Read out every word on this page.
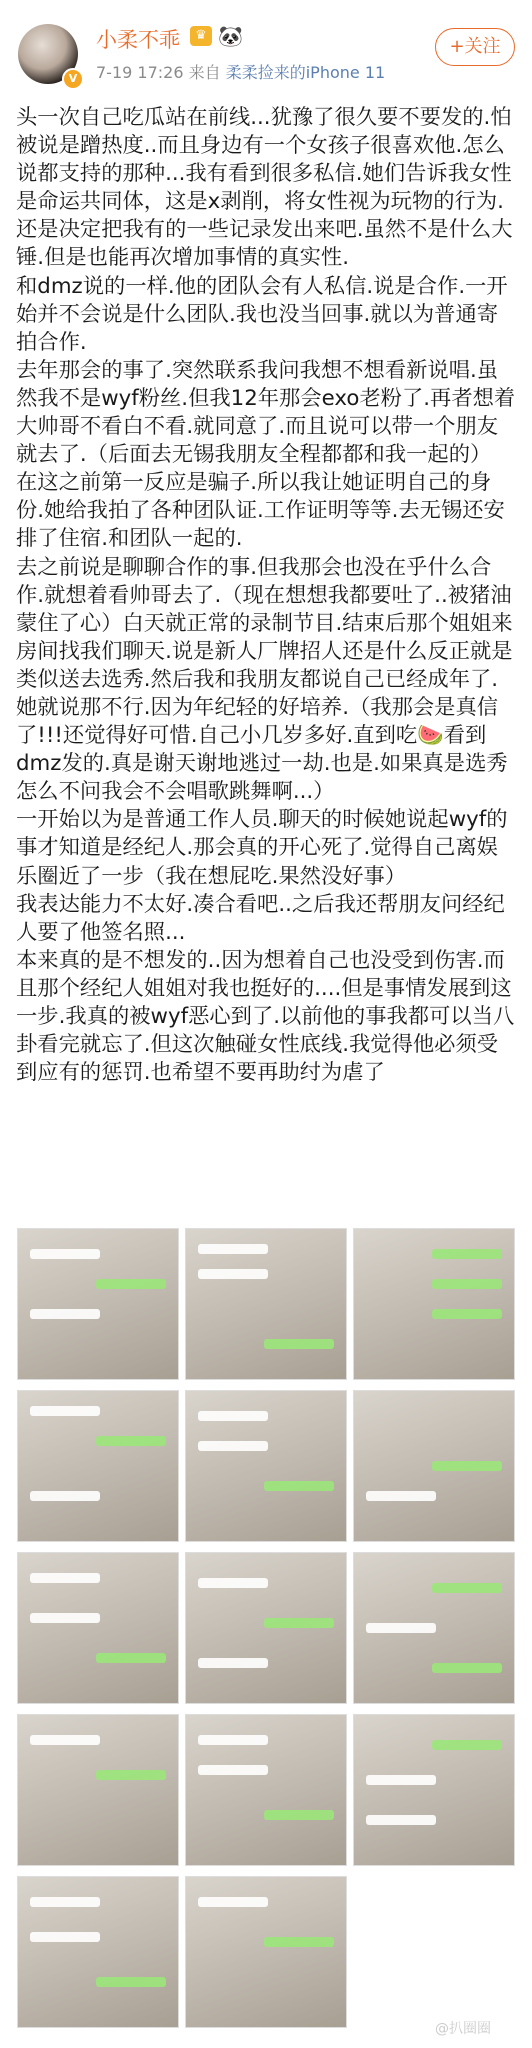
V
小柔不乖	♛ 🐼
7-19 17:26 来自 柔柔捡来的iPhone 11
+关注

头一次自己吃瓜站在前线...犹豫了很久要不要发的.怕被说是蹭热度..而且身边有一个女孩子很喜欢他.怎么说都支持的那种...我有看到很多私信.她们告诉我女性是命运共同体，这是x剥削，将女性视为玩物的行为.

还是决定把我有的一些记录发出来吧.虽然不是什么大锤.但是也能再次增加事情的真实性.

和dmz说的一样.他的团队会有人私信.说是合作.一开始并不会说是什么团队.我也没当回事.就以为普通寄拍合作.

去年那会的事了.突然联系我问我想不想看新说唱.虽然我不是wyf粉丝.但我12年那会exo老粉了.再者想着大帅哥不看白不看.就同意了.而且说可以带一个朋友就去了.（后面去无锡我朋友全程都都和我一起的）

在这之前第一反应是骗子.所以我让她证明自己的身份.她给我拍了各种团队证.工作证明等等.去无锡还安排了住宿.和团队一起的.

去之前说是聊聊合作的事.但我那会也没在乎什么合作.就想着看帅哥去了.（现在想想我都要吐了..被猪油蒙住了心）白天就正常的录制节目.结束后那个姐姐来房间找我们聊天.说是新人厂牌招人还是什么反正就是类似送去选秀.然后我和我朋友都说自己已经成年了.她就说那不行.因为年纪轻的好培养.（我那会是真信了!!!还觉得好可惜.自己小几岁多好.直到吃🍉看到dmz发的.真是谢天谢地逃过一劫.也是.如果真是选秀怎么不问我会不会唱歌跳舞啊...）

一开始以为是普通工作人员.聊天的时候她说起wyf的事才知道是经纪人.那会真的开心死了.觉得自己离娱乐圈近了一步（我在想屁吃.果然没好事）

我表达能力不太好.凑合看吧..之后我还帮朋友问经纪人要了他签名照...

本来真的是不想发的..因为想着自己也没受到伤害.而且那个经纪人姐姐对我也挺好的....但是事情发展到这一步.我真的被wyf恶心到了.以前他的事我都可以当八卦看完就忘了.但这次触碰女性底线.我觉得他必须受到应有的惩罚.也希望不要再助纣为虐了

@扒圈圈
